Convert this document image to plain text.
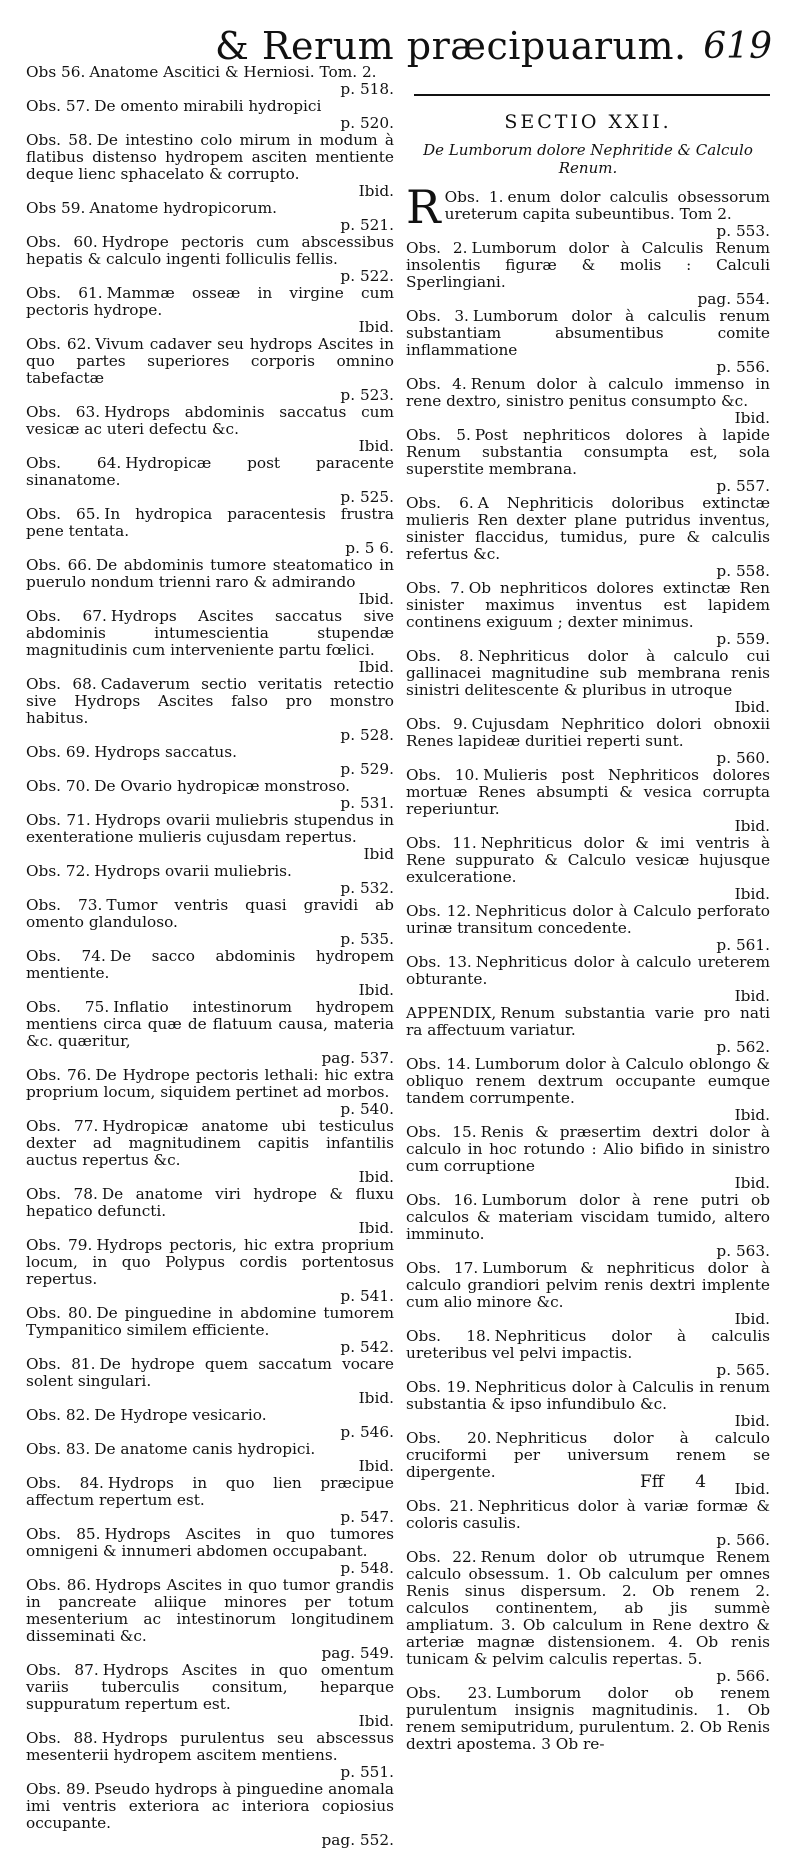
& Rerum præcipuarum. 619
Obs 56. Anatome Ascitici & Herniosi. Tom. 2.
p. 518.
Obs. 57. De omento mirabili hydropici
p. 520.
Obs. 58. De intestino colo mirum in modum à flatibus distenso hydropem asciten mentiente deque lienc sphacelato & corrupto.
Ibid.
Obs 59. Anatome hydropicorum.
p. 521.
Obs. 60. Hydrope pectoris cum abscessibus hepatis & calculo ingenti folliculis fellis.
p. 522.
Obs. 61. Mammæ osseæ in virgine cum pectoris hydrope.
Ibid.
Obs. 62. Vivum cadaver seu hydrops Ascites in quo partes superiores corporis omnino tabefactæ
p. 523.
Obs. 63. Hydrops abdominis saccatus cum vesicæ ac uteri defectu &c.
Ibid.
Obs. 64. Hydropicæ post paracente sinanatome.
p. 525.
Obs. 65. In hydropica paracentesis frustra pene tentata.
p. 5 6.
Obs. 66. De abdominis tumore steatomatico in puerulo nondum trienni raro & admirando
Ibid.
Obs. 67. Hydrops Ascites saccatus sive abdominis intumescientia stupendæ magnitudinis cum interveniente partu fœlici.
Ibid.
Obs. 68. Cadaverum sectio veritatis retectio sive Hydrops Ascites falso pro monstro habitus.
p. 528.
Obs. 69. Hydrops saccatus.
p. 529.
Obs. 70. De Ovario hydropicæ monstroso.
p. 531.
Obs. 71. Hydrops ovarii muliebris stupendus in exenteratione mulieris cujusdam repertus.
Ibid
Obs. 72. Hydrops ovarii muliebris.
p. 532.
Obs. 73. Tumor ventris quasi gravidi ab omento glanduloso.
p. 535.
Obs. 74. De sacco abdominis hydropem mentiente.
Ibid.
Obs. 75. Inflatio intestinorum hydropem mentiens circa quæ de flatuum causa, materia &c. quæritur,
pag. 537.
Obs. 76. De Hydrope pectoris lethali: hic extra proprium locum, siquidem pertinet ad morbos.
p. 540.
Obs. 77. Hydropicæ anatome ubi testiculus dexter ad magnitudinem capitis infantilis auctus repertus &c.
Ibid.
Obs. 78. De anatome viri hydrope & fluxu hepatico defuncti.
Ibid.
Obs. 79. Hydrops pectoris, hic extra proprium locum, in quo Polypus cordis portentosus repertus.
p. 541.
Obs. 80. De pinguedine in abdomine tumorem Tympanitico similem efficiente.
p. 542.
Obs. 81. De hydrope quem saccatum vocare solent singulari.
Ibid.
Obs. 82. De Hydrope vesicario.
p. 546.
Obs. 83. De anatome canis hydropici.
Ibid.
Obs. 84. Hydrops in quo lien præcipue affectum repertum est.
p. 547.
Obs. 85. Hydrops Ascites in quo tumores omnigeni & innumeri abdomen occupabant.
p. 548.
Obs. 86. Hydrops Ascites in quo tumor grandis in pancreate aliique minores per totum mesenterium ac intestinorum longitudinem disseminati &c.
pag. 549.
Obs. 87. Hydrops Ascites in quo omentum variis tuberculis consitum, heparque suppuratum repertum est.
Ibid.
Obs. 88. Hydrops purulentus seu abscessus mesenterii hydropem ascitem mentiens.
p. 551.
Obs. 89. Pseudo hydrops à pinguedine anomala imi ventris exteriora ac interiora copiosius occupante.
pag. 552.
SECTIO XXII.
De Lumborum dolore Nephritide & Calculo Renum.
Obs. 1.
R	enum dolor calculis obsessorum ureterum capita subeuntibus. Tom 2.
p. 553.
Obs. 2. Lumborum dolor à Calculis Renum insolentis figuræ & molis : Calculi Sperlingiani.
pag. 554.
Obs. 3. Lumborum dolor à calculis renum substantiam absumentibus comite inflammatione
p. 556.
Obs. 4. Renum dolor à calculo immenso in rene dextro, sinistro penitus consumpto &c.
Ibid.
Obs. 5. Post nephriticos dolores à lapide Renum substantia consumpta est, sola superstite membrana.
p. 557.
Obs. 6. A Nephriticis doloribus extinctæ mulieris Ren dexter plane putridus inventus, sinister flaccidus, tumidus, pure & calculis refertus &c.
p. 558.
Obs. 7. Ob nephriticos dolores extinctæ Ren sinister maximus inventus est lapidem continens exiguum ; dexter minimus.
p. 559.
Obs. 8. Nephriticus dolor à calculo cui gallinacei magnitudine sub membrana renis sinistri delitescente & pluribus in utroque
Ibid.
Obs. 9. Cujusdam Nephritico dolori obnoxii Renes lapideæ duritiei reperti sunt.
p. 560.
Obs. 10. Mulieris post Nephriticos dolores mortuæ Renes absumpti & vesica corrupta reperiuntur.
Ibid.
Obs. 11. Nephriticus dolor & imi ventris à Rene suppurato & Calculo vesicæ hujusque exulceratione.
Ibid.
Obs. 12. Nephriticus dolor à Calculo perforato urinæ transitum concedente.
p. 561.
Obs. 13. Nephriticus dolor à calculo ureterem obturante.
Ibid.
APPENDIX, Renum substantia varie pro nati ra affectuum variatur.
p. 562.
Obs. 14. Lumborum dolor à Calculo oblongo & obliquo renem dextrum occupante eumque tandem corrumpente.
Ibid.
Obs. 15. Renis & præsertim dextri dolor à calculo in hoc rotundo : Alio bifido in sinistro cum corruptione
Ibid.
Obs. 16. Lumborum dolor à rene putri ob calculos & materiam viscidam tumido, altero imminuto.
p. 563.
Obs. 17. Lumborum & nephriticus dolor à calculo grandiori pelvim renis dextri implente cum alio minore &c.
Ibid.
Obs. 18. Nephriticus dolor à calculis ureteribus vel pelvi impactis.
p. 565.
Obs. 19. Nephriticus dolor à Calculis in renum substantia & ipso infundibulo &c.
Ibid.
Obs. 20. Nephriticus dolor à calculo cruciformi per universum renem se dipergente.
Ibid.
Obs. 21. Nephriticus dolor à variæ formæ & coloris casulis.
p. 566.
Obs. 22. Renum dolor ob utrumque Renem calculo obsessum. 1. Ob calculum per omnes Renis sinus dispersum. 2. Ob renem 2. calculos continentem, ab jis summè ampliatum. 3. Ob calculum in Rene dextro & arteriæ magnæ distensionem. 4. Ob renis tunicam & pelvim calculis repertas. 5.
p. 566.
Obs. 23. Lumborum dolor ob renem purulentum insignis magnitudinis. 1. Ob renem semiputridum, purulentum. 2. Ob Renis dextri apostema. 3 Ob re-
Fff 4
